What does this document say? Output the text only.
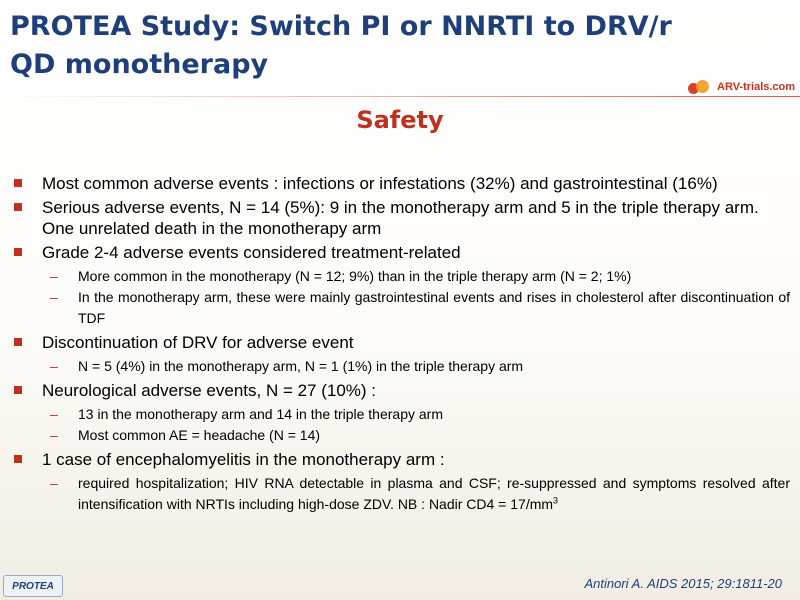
PROTEA Study: Switch PI or NNRTI to DRV/r QD monotherapy
ARV-trials.com
Safety
Most common adverse events : infections or infestations (32%) and gastrointestinal (16%)
Serious adverse events, N = 14 (5%): 9 in the monotherapy arm and 5 in the triple therapy arm. One unrelated death in the monotherapy arm
Grade 2-4 adverse events considered treatment-related
– More common in the monotherapy (N = 12; 9%) than in the triple therapy arm (N = 2; 1%)
– In the monotherapy arm, these were mainly gastrointestinal events and rises in cholesterol after discontinuation of TDF
Discontinuation of DRV for adverse event
– N = 5 (4%) in the monotherapy arm, N = 1 (1%) in the triple therapy arm
Neurological adverse events, N = 27 (10%) :
– 13 in the monotherapy arm and 14 in the triple therapy arm
– Most common AE = headache (N = 14)
1 case of encephalomyelitis in the monotherapy arm :
– required hospitalization; HIV RNA detectable in plasma and CSF; re-suppressed and symptoms resolved after intensification with NRTIs including high-dose ZDV. NB : Nadir $CD4 = 17/mm^3$
PROTEA	Antinori A. AIDS 2015; 29:1811-20
